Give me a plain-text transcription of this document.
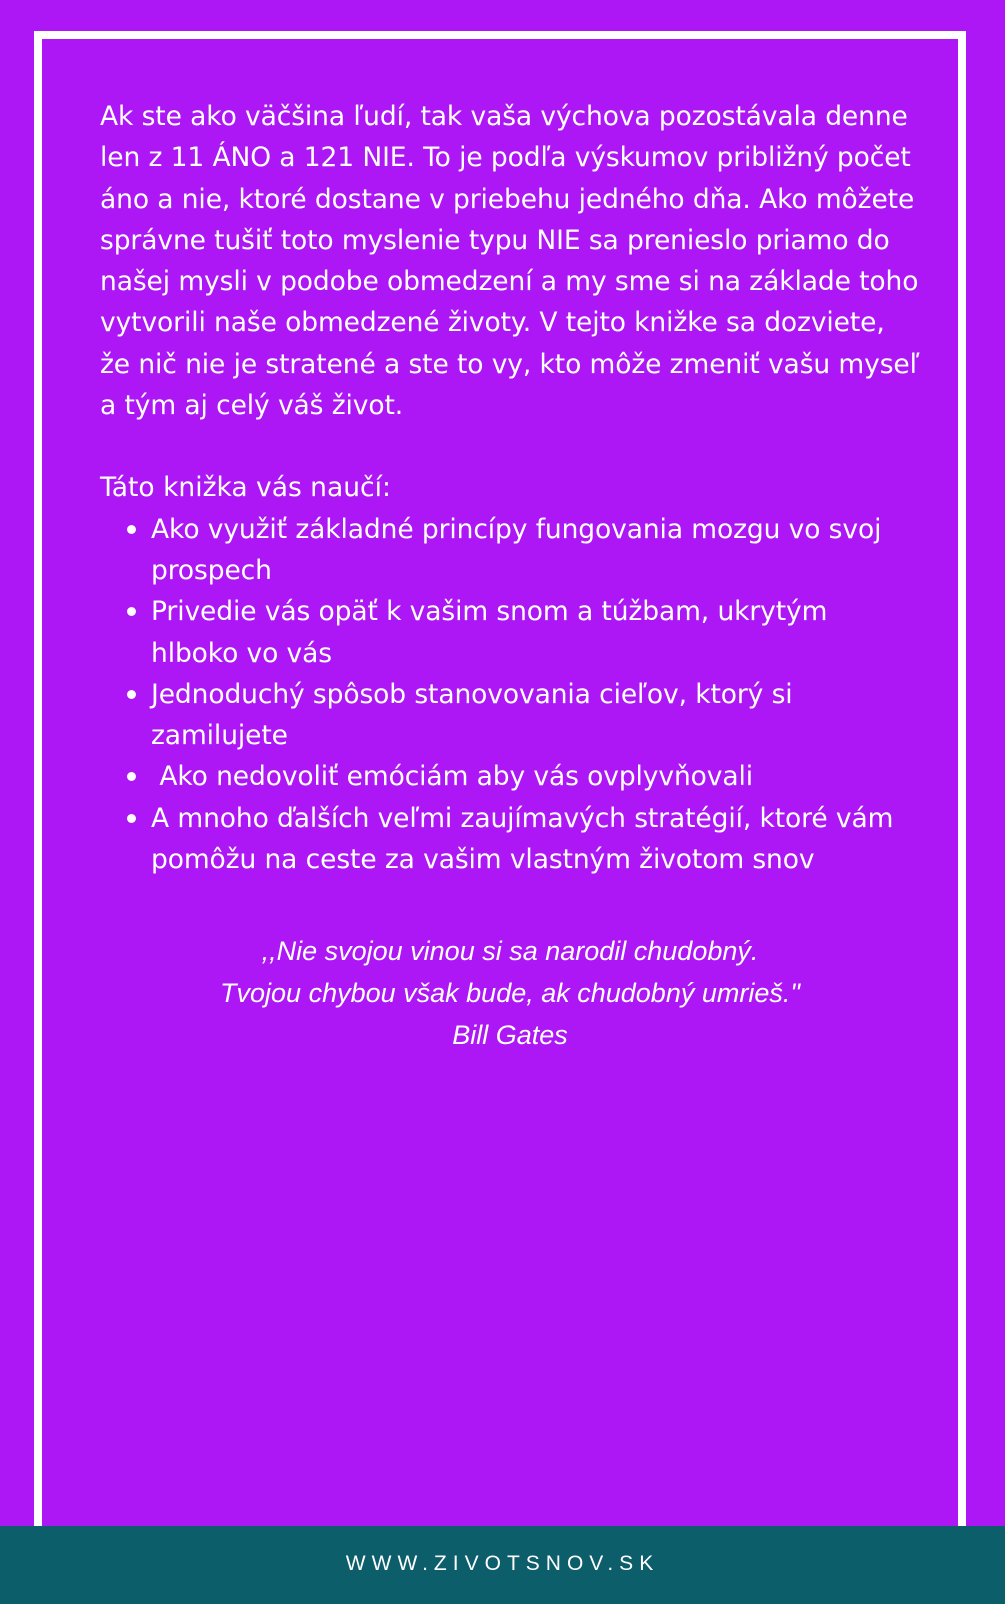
Ak ste ako väčšina ľudí, tak vaša výchova pozostávala denne len z 11 ÁNO a 121 NIE. To je podľa výskumov približný počet áno a nie, ktoré dostane v priebehu jedného dňa. Ako môžete správne tušiť toto myslenie typu NIE sa prenieslo priamo do našej mysli v podobe obmedzení a my sme si na základe toho vytvorili naše obmedzené životy. V tejto knižke sa dozviete, že nič nie je stratené a ste to vy, kto môže zmeniť vašu myseľ a tým aj celý váš život.

Táto knižka vás naučí:
Ako využiť základné princípy fungovania mozgu vo svoj prospech
Privedie vás opäť k vašim snom a túžbam, ukrytým hlboko vo vás
Jednoduchý spôsob stanovovania cieľov, ktorý si zamilujete
Ako nedovoliť emóciám aby vás ovplyvňovali
A mnoho ďalších veľmi zaujímavých stratégií, ktoré vám pomôžu na ceste za vašim vlastným životom snov
,,Nie svojou vinou si sa narodil chudobný.
Tvojou chybou však bude, ak chudobný umrieš."
Bill Gates
WWW.ZIVOTSNOV.SK
